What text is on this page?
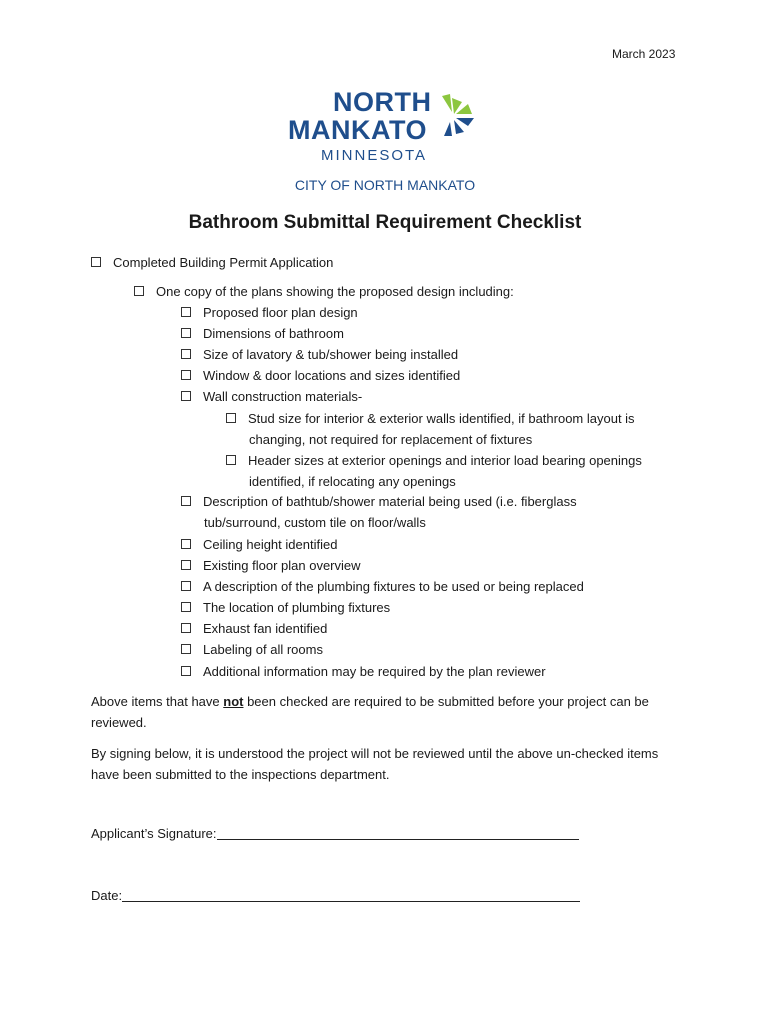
March 2023
NORTH
MANKATO
MINNESOTA
CITY OF NORTH MANKATO
Bathroom Submittal Requirement Checklist
Completed Building Permit Application
One copy of the plans showing the proposed design including:
Proposed floor plan design
Dimensions of bathroom
Size of lavatory & tub/shower being installed
Window & door locations and sizes identified
Wall construction materials-
Stud size for interior & exterior walls identified, if bathroom layout is
changing, not required for replacement of fixtures
Header sizes at exterior openings and interior load bearing openings
identified, if relocating any openings
Description of bathtub/shower material being used (i.e. fiberglass
tub/surround, custom tile on floor/walls
Ceiling height identified
Existing floor plan overview
A description of the plumbing fixtures to be used or being replaced
The location of plumbing fixtures
Exhaust fan identified
Labeling of all rooms
Additional information may be required by the plan reviewer
Above items that have not been checked are required to be submitted before your project can be reviewed.
By signing below, it is understood the project will not be reviewed until the above un-checked items have been submitted to the inspections department.
Applicant’s Signature:
Date:
